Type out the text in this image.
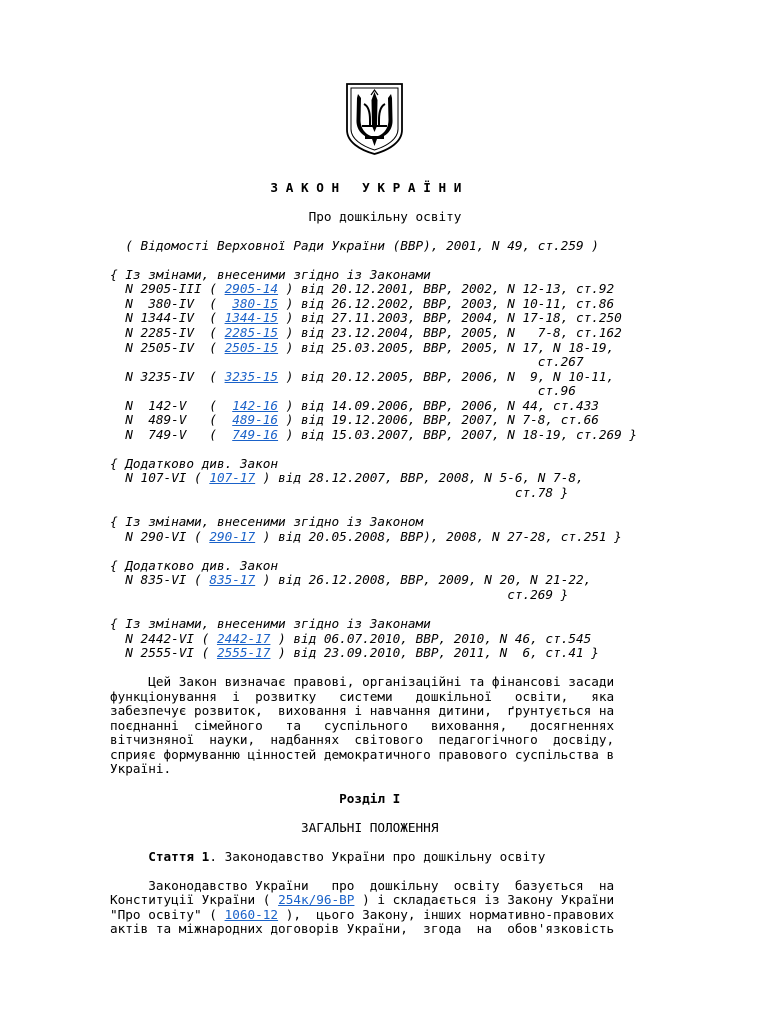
З А К О Н   У К Р А Ї Н И

Про дошкільну освіту

( Відомості Верховної Ради України (ВВР), 2001, N 49, ст.259 )

{ Із змінами, внесеними згідно із Законами
N 2905-III ( 2905-14 ) від 20.12.2001, ВВР, 2002, N 12-13, ст.92
N  380-IV  (  380-15 ) від 26.12.2002, ВВР, 2003, N 10-11, ст.86
N 1344-IV  ( 1344-15 ) від 27.11.2003, ВВР, 2004, N 17-18, ст.250
N 2285-IV  ( 2285-15 ) від 23.12.2004, ВВР, 2005, N   7-8, ст.162
N 2505-IV  ( 2505-15 ) від 25.03.2005, ВВР, 2005, N 17, N 18-19,
ст.267
N 3235-IV  ( 3235-15 ) від 20.12.2005, ВВР, 2006, N  9, N 10-11,
ст.96
N  142-V   (  142-16 ) від 14.09.2006, ВВР, 2006, N 44, ст.433
N  489-V   (  489-16 ) від 19.12.2006, ВВР, 2007, N 7-8, ст.66
N  749-V   (  749-16 ) від 15.03.2007, ВВР, 2007, N 18-19, ст.269 }

{ Додатково див. Закон
N 107-VI ( 107-17 ) від 28.12.2007, ВВР, 2008, N 5-6, N 7-8,
ст.78 }

{ Із змінами, внесеними згідно із Законом
N 290-VI ( 290-17 ) від 20.05.2008, ВВР), 2008, N 27-28, ст.251 }

{ Додатково див. Закон
N 835-VI ( 835-17 ) від 26.12.2008, ВВР, 2009, N 20, N 21-22,
ст.269 }

{ Із змінами, внесеними згідно із Законами
N 2442-VI ( 2442-17 ) від 06.07.2010, ВВР, 2010, N 46, ст.545
N 2555-VI ( 2555-17 ) від 23.09.2010, ВВР, 2011, N  6, ст.41 }

Цей Закон визначає правові, організаційні та фінансові засади
функціонування  і  розвитку   системи   дошкільної   освіти,   яка
забезпечує розвиток,  виховання і навчання дитини,  ґрунтується на
поєднанні  сімейного   та   суспільного   виховання,   досягненнях
вітчизняної  науки,  надбаннях  світового  педагогічного  досвіду,
сприяє формуванню цінностей демократичного правового суспільства в
Україні.

Розділ I

ЗАГАЛЬНІ ПОЛОЖЕННЯ

Стаття 1. Законодавство України про дошкільну освіту

Законодавство України   про  дошкільну  освіту  базується  на
Конституції України ( 254к/96-ВР ) і складається із Закону України
"Про освіту" ( 1060-12 ),  цього Закону, інших нормативно-правових
актів та міжнародних договорів України,  згода  на  обов'язковість
